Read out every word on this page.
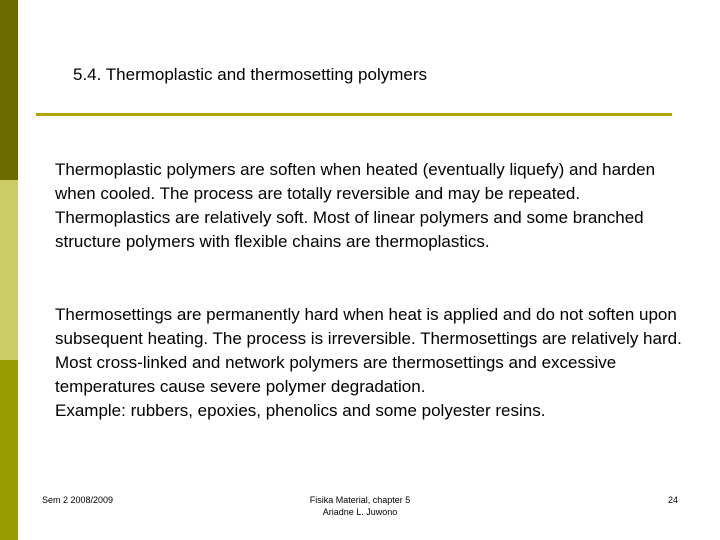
5.4. Thermoplastic and thermosetting polymers

Thermoplastic polymers are soften when heated (eventually liquefy) and harden when cooled. The process are totally reversible and may be repeated. Thermoplastics are relatively soft. Most of linear polymers and some branched structure polymers with flexible chains are thermoplastics.

Thermosettings are permanently hard when heat is applied and do not soften upon subsequent heating. The process is irreversible. Thermosettings are relatively hard. Most cross-linked and network polymers are thermosettings and excessive temperatures cause severe polymer degradation.
Example: rubbers, epoxies, phenolics and some polyester resins.
Sem 2 2008/2009	Fisika Material, chapter 5
Ariadne L. Juwono
24
